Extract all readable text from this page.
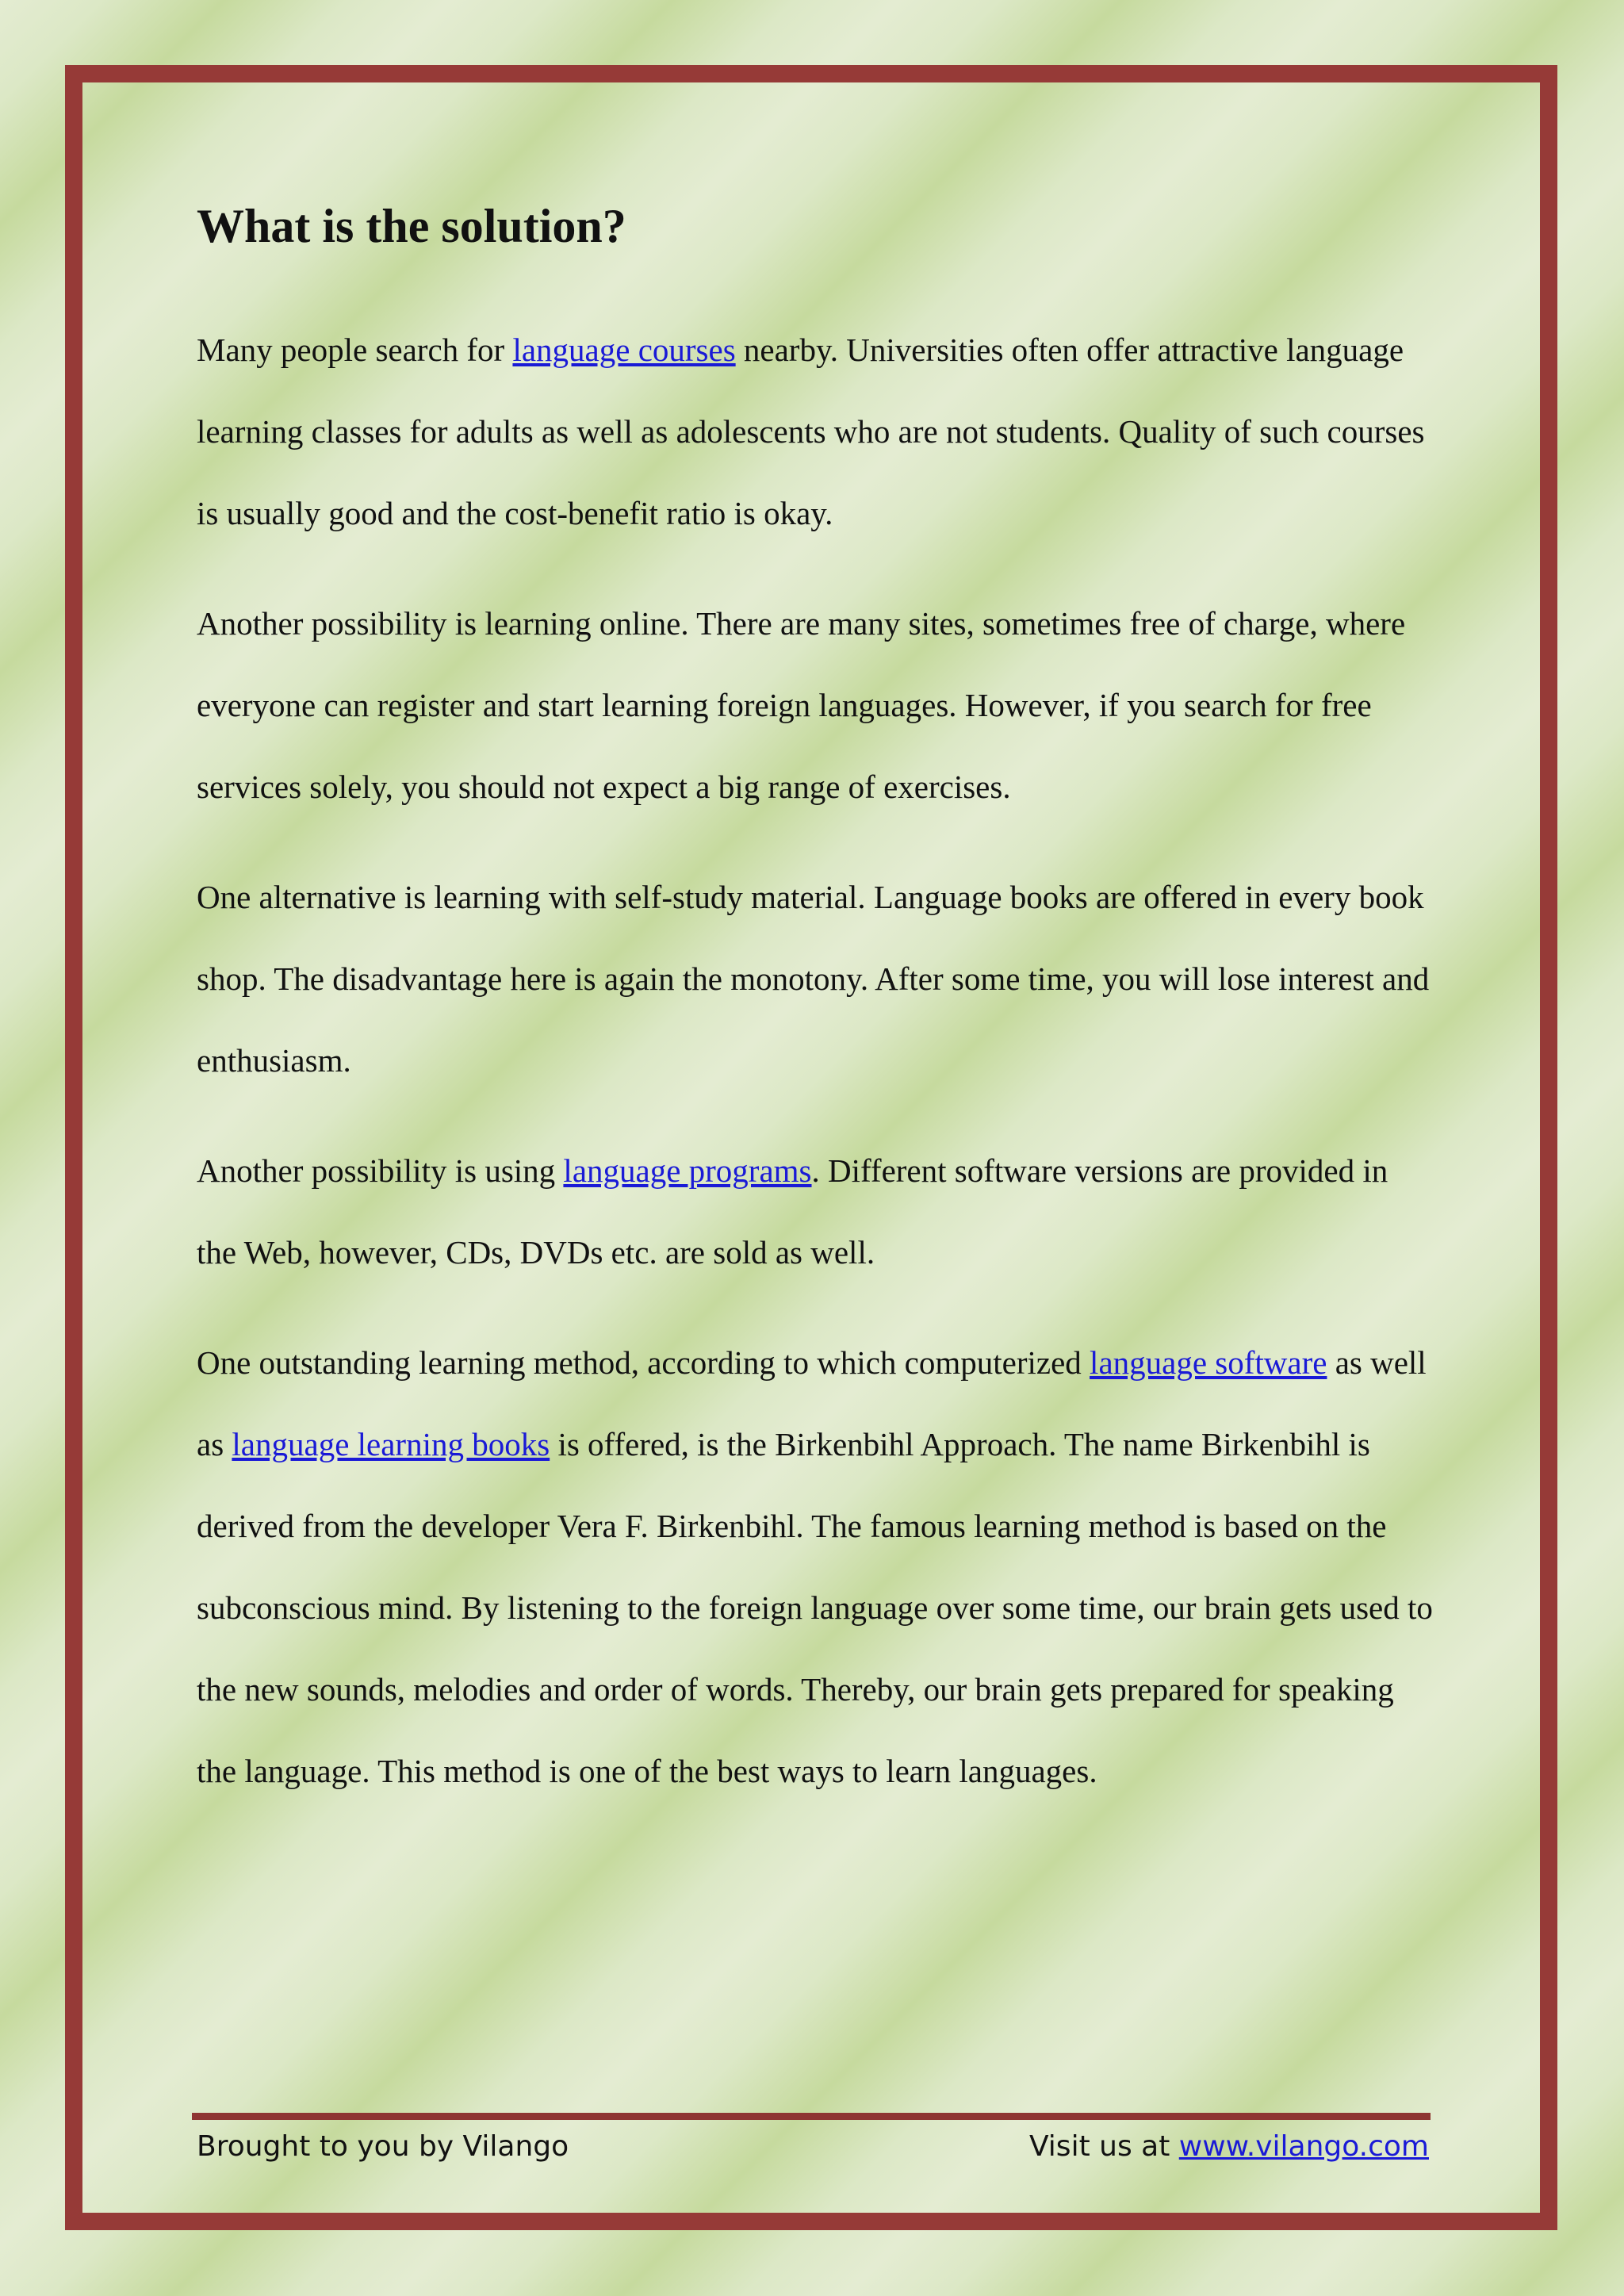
What is the solution?

Many people search for language courses nearby. Universities often offer attractive language learning classes for adults as well as adolescents who are not students. Quality of such courses is usually good and the cost-benefit ratio is okay.

Another possibility is learning online. There are many sites, sometimes free of charge, where everyone can register and start learning foreign languages. However, if you search for free services solely, you should not expect a big range of exercises.

One alternative is learning with self-study material. Language books are offered in every book shop. The disadvantage here is again the monotony. After some time, you will lose interest and enthusiasm.

Another possibility is using language programs. Different software versions are provided in the Web, however, CDs, DVDs etc. are sold as well.

One outstanding learning method, according to which computerized language software as well as language learning books is offered, is the Birkenbihl Approach. The name Birkenbihl is derived from the developer Vera F. Birkenbihl. The famous learning method is based on the subconscious mind. By listening to the foreign language over some time, our brain gets used to the new sounds, melodies and order of words. Thereby, our brain gets prepared for speaking the language. This method is one of the best ways to learn languages.

Brought to you by Vilango	Visit us at www.vilango.com
